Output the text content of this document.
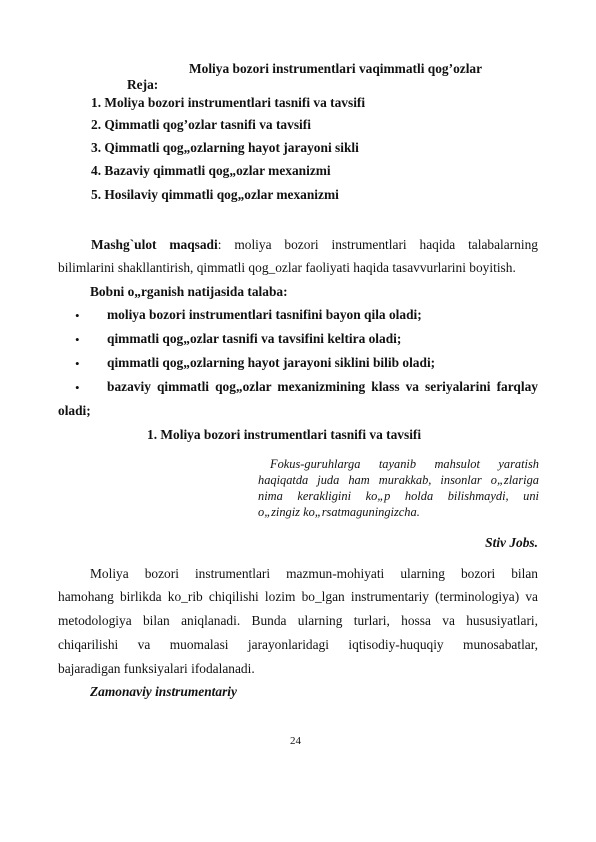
Moliya bozori instrumentlari vaqimmatli qog’ozlar
Reja:
1. Moliya bozori instrumentlari tasnifi va tavsifi
2. Qimmatli qog’ozlar tasnifi va tavsifi
3. Qimmatli qog„ozlarning hayot jarayoni sikli
4. Bazaviy qimmatli qog„ozlar mexanizmi
5. Hosilaviy qimmatli qog„ozlar mexanizmi
Mashg`ulot maqsadi: moliya bozori instrumentlari haqida talabalarning
bilimlarini shakllantirish, qimmatli qog_ozlar faoliyati haqida tasavvurlarini boyitish.
Bobni o„rganish natijasida talaba:
• moliya bozori instrumentlari tasnifini bayon qila oladi;
• qimmatli qog„ozlar tasnifi va tavsifini keltira oladi;
• qimmatli qog„ozlarning hayot jarayoni siklini bilib oladi;
• bazaviy qimmatli qog„ozlar mexanizmining klass va seriyalarini farqlay
oladi;
1. Moliya bozori instrumentlari tasnifi va tavsifi
Fokus-guruhlarga tayanib mahsulot yaratish
haqiqatda juda ham murakkab, insonlar o„zlariga
nima kerakligini ko„p holda bilishmaydi, uni
o„zingiz ko„rsatmaguningizcha.
Stiv Jobs.
Moliya bozori instrumentlari mazmun-mohiyati ularning bozori bilan
hamohang birlikda ko_rib chiqilishi lozim bo_lgan instrumentariy (terminologiya) va
metodologiya bilan aniqlanadi. Bunda ularning turlari, hossa va hususiyatlari,
chiqarilishi va muomalasi jarayonlaridagi iqtisodiy-huquqiy munosabatlar,
bajaradigan funksiyalari ifodalanadi.
Zamonaviy instrumentariy
24
